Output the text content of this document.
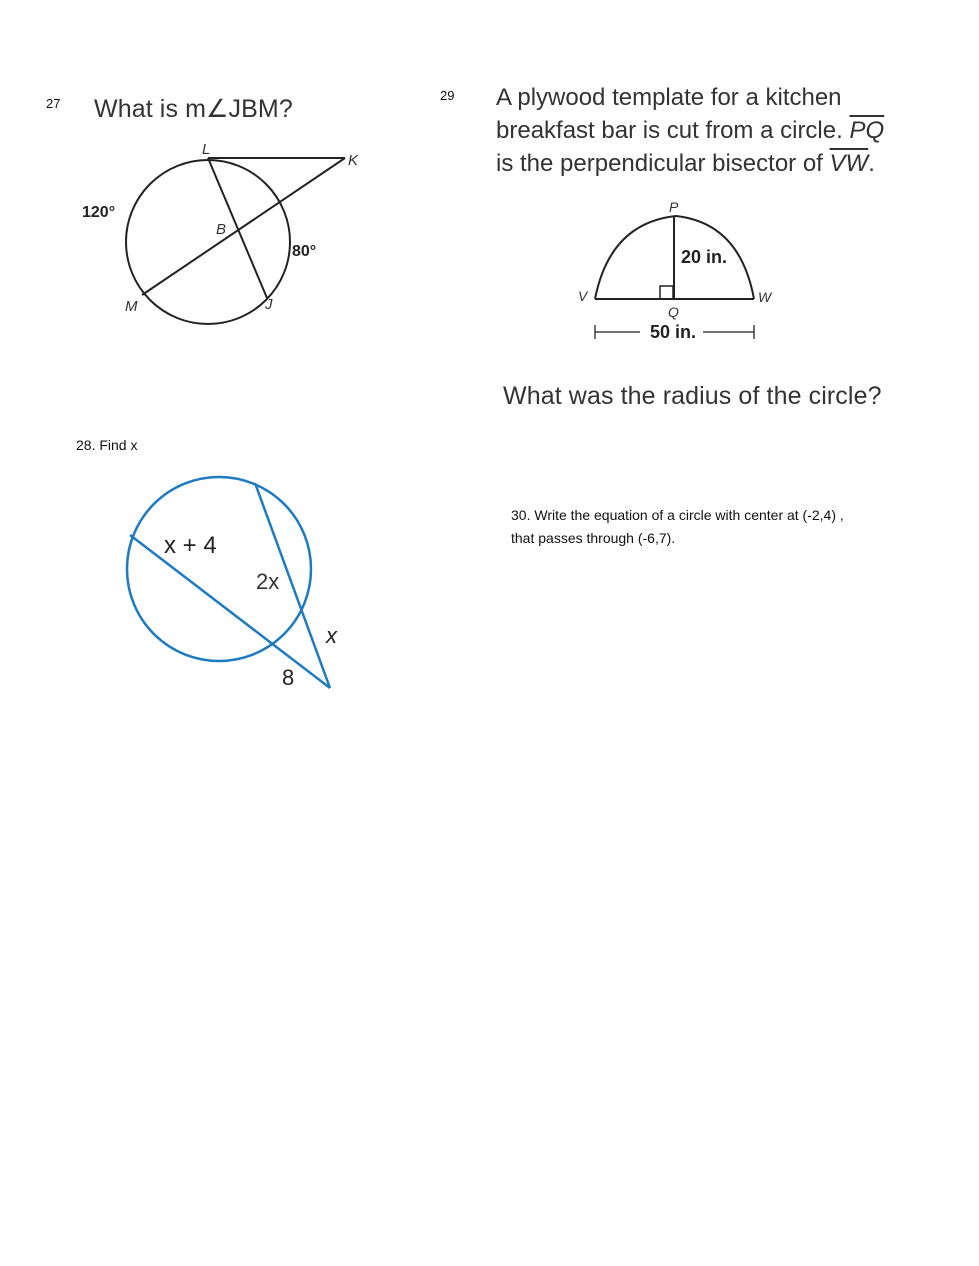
27 What is m∠JBM?
L
K
B
M	J
120°
80°
28. Find x
x + 4
2x
x
8
29 A plywood template for a kitchen
breakfast bar is cut from a circle. $\overline{PQ}$
is the perpendicular bisector of $\overline{VW}$.
P
Q
V	W
20 in.
50 in.
What was the radius of the circle?
30. Write the equation of a circle with center at (-2,4) ,
that passes through (-6,7).
